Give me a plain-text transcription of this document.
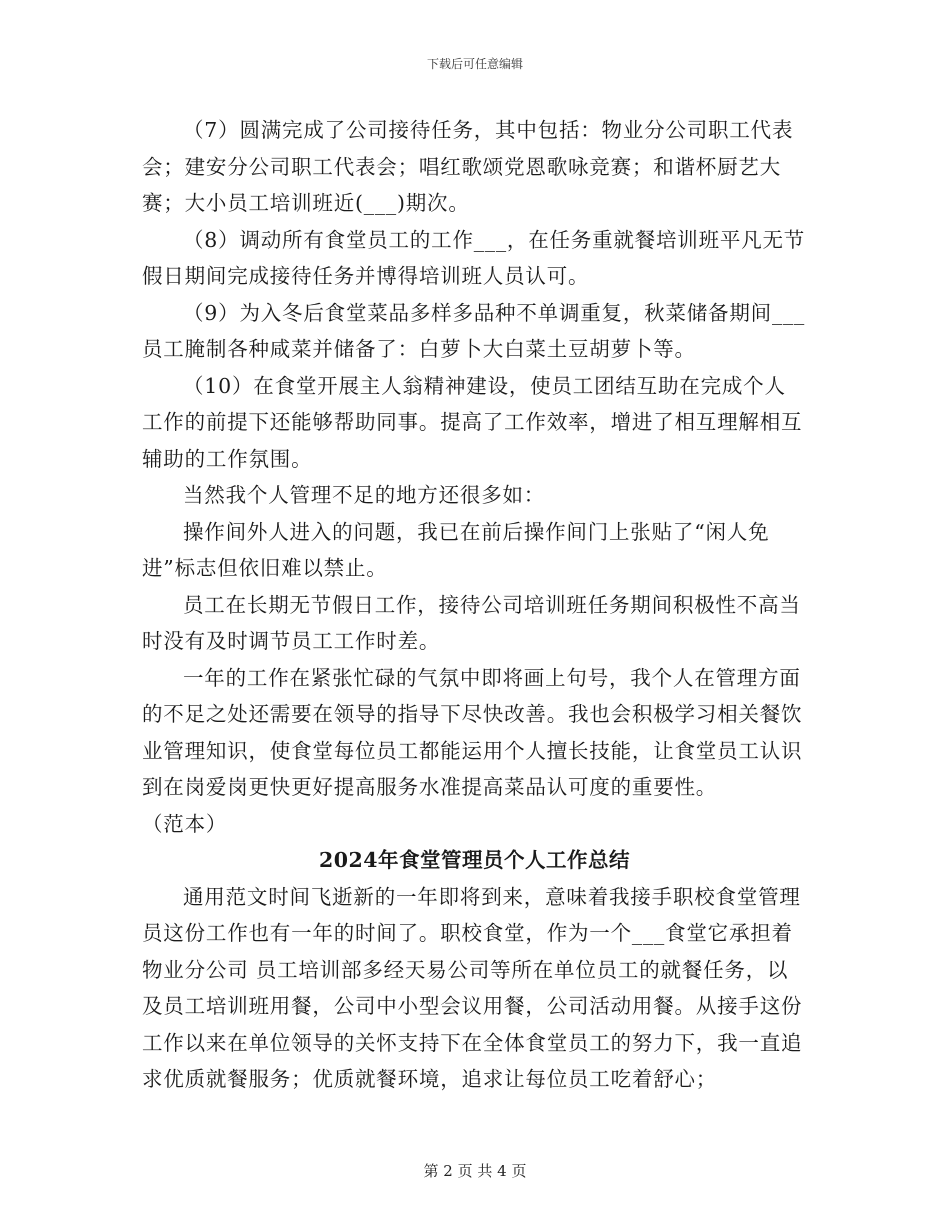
下载后可任意编辑

（7）圆满完成了公司接待任务，其中包括：物业分公司职工代表会；建安分公司职工代表会；唱红歌颂党恩歌咏竞赛；和谐杯厨艺大赛；大小员工培训班近(___)期次。

（8）调动所有食堂员工的工作___，在任务重就餐培训班平凡无节假日期间完成接待任务并博得培训班人员认可。

（9）为入冬后食堂菜品多样多品种不单调重复，秋菜储备期间___员工腌制各种咸菜并储备了：白萝卜大白菜土豆胡萝卜等。

（10）在食堂开展主人翁精神建设，使员工团结互助在完成个人工作的前提下还能够帮助同事。提高了工作效率，增进了相互理解相互辅助的工作氛围。

当然我个人管理不足的地方还很多如：

操作间外人进入的问题，我已在前后操作间门上张贴了“闲人免进”标志但依旧难以禁止。

员工在长期无节假日工作，接待公司培训班任务期间积极性不高当时没有及时调节员工工作时差。

一年的工作在紧张忙碌的气氛中即将画上句号，我个人在管理方面的不足之处还需要在领导的指导下尽快改善。我也会积极学习相关餐饮业管理知识，使食堂每位员工都能运用个人擅长技能，让食堂员工认识到在岗爱岗更快更好提高服务水准提高菜品认可度的重要性。

（范本）

2024年食堂管理员个人工作总结

通用范文时间飞逝新的一年即将到来，意味着我接手职校食堂管理员这份工作也有一年的时间了。职校食堂，作为一个___食堂它承担着物业分公司 员工培训部多经天易公司等所在单位员工的就餐任务，以及员工培训班用餐，公司中小型会议用餐，公司活动用餐。从接手这份工作以来在单位领导的关怀支持下在全体食堂员工的努力下，我一直追求优质就餐服务；优质就餐环境，追求让每位员工吃着舒心；

第 2 页 共 4 页
